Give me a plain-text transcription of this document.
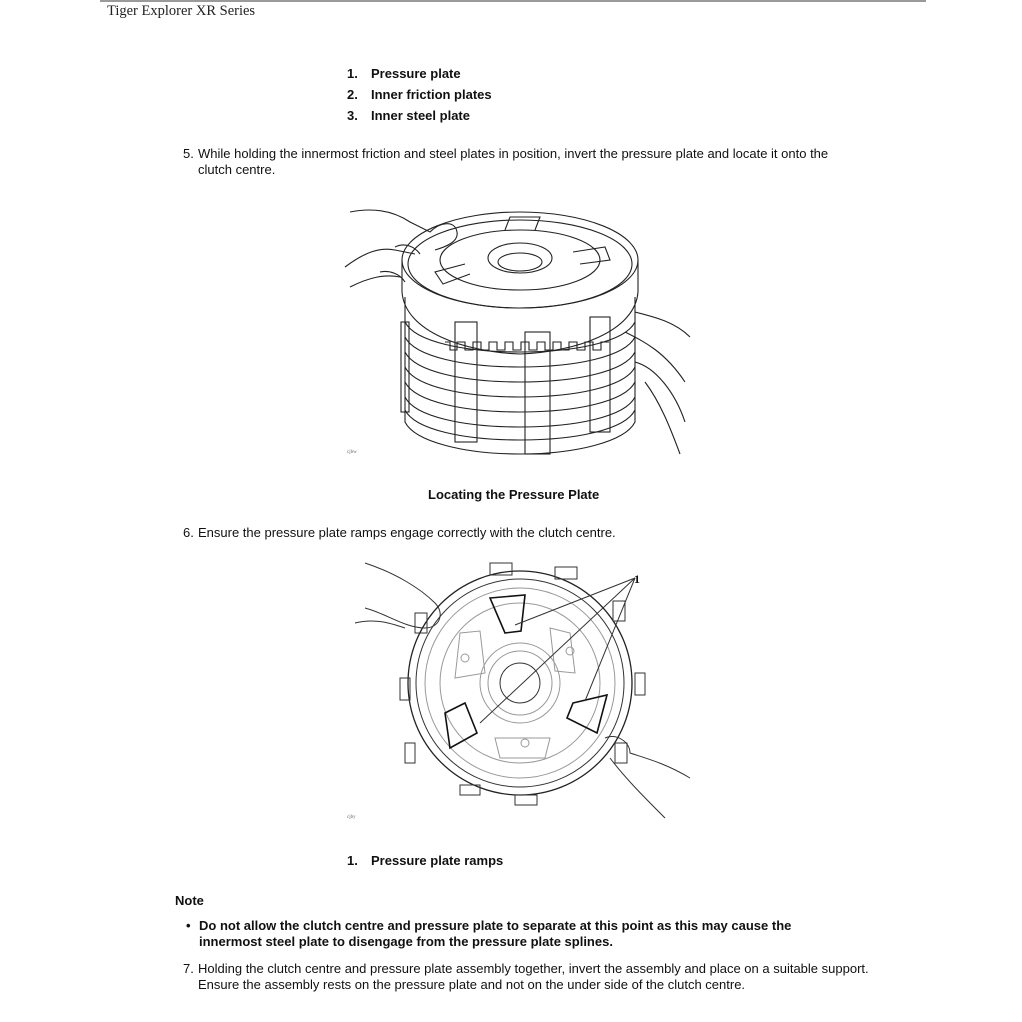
Tiger Explorer XR Series
1. Pressure plate
2. Inner friction plates
3. Inner steel plate
5. While holding the innermost friction and steel plates in position, invert the pressure plate and locate it onto the clutch centre.
cjbw
Locating the Pressure Plate
6. Ensure the pressure plate ramps engage correctly with the clutch centre.
1
cjby
1. Pressure plate ramps
Note
• Do not allow the clutch centre and pressure plate to separate at this point as this may cause the innermost steel plate to disengage from the pressure plate splines.
7. Holding the clutch centre and pressure plate assembly together, invert the assembly and place on a suitable support. Ensure the assembly rests on the pressure plate and not on the under side of the clutch centre.
